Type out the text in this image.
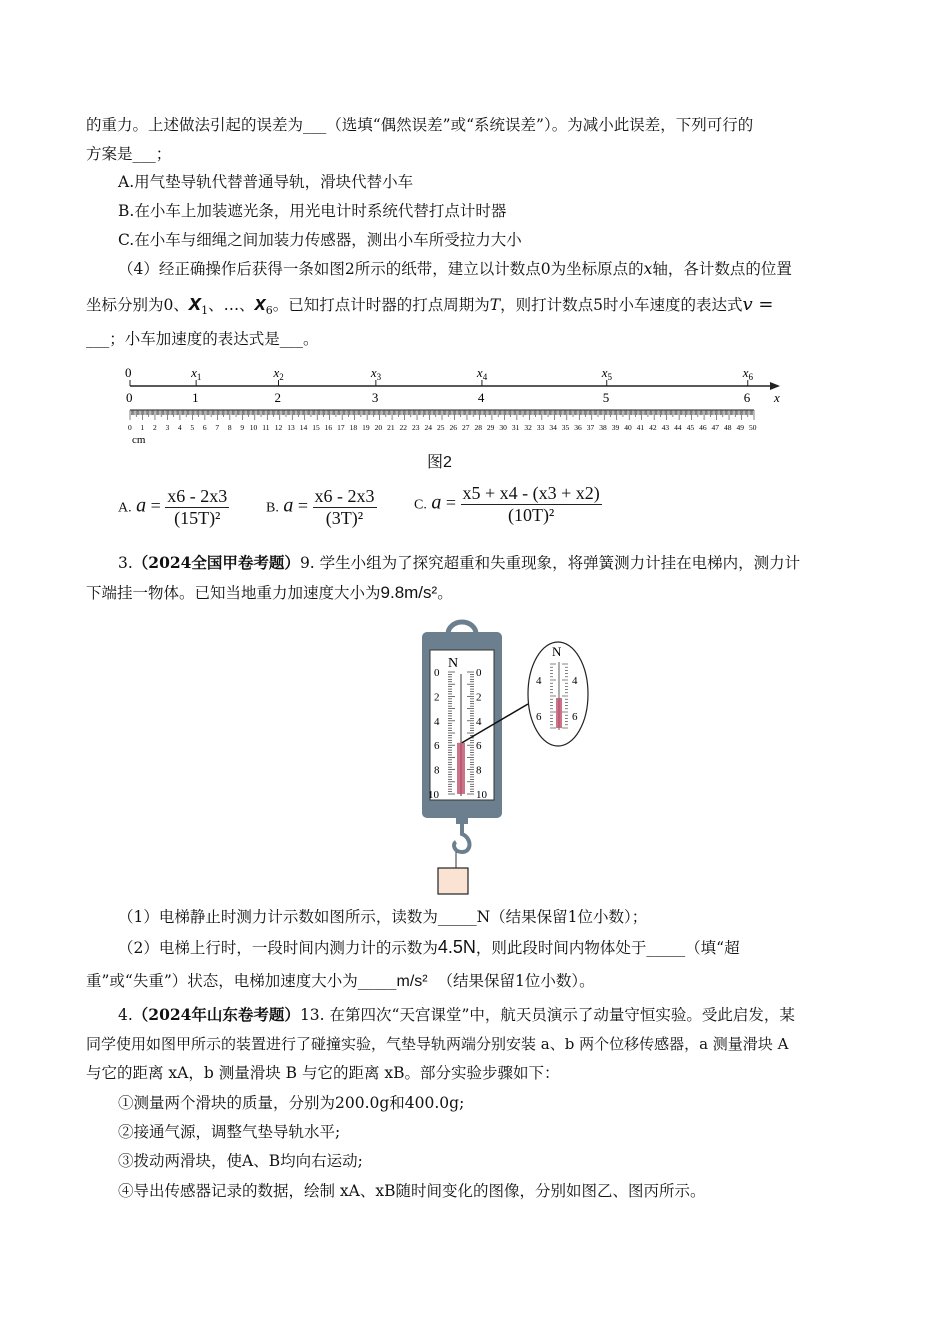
的重力。上述做法引起的误差为___（选填“偶然误差”或“系统误差”）。为减小此误差，下列可行的
方案是___；
A.用气垫导轨代替普通导轨，滑块代替小车
B.在小车上加装遮光条，用光电计时系统代替打点计时器
C.在小车与细绳之间加装力传感器，测出小车所受拉力大小
（4）经正确操作后获得一条如图2所示的纸带，建立以计数点0为坐标原点的x轴，各计数点的位置
坐标分别为0、$x_1$、…、$x_6$。已知打点计时器的打点周期为T，则打计数点5时小车速度的表达式v =
___；小车加速度的表达式是___。
x
0
0
$x_1$
1
$x_2$
2
$x_3$
3
$x_4$
4
$x_5$
5
$x_6$
6
0 1 2 3 4 5 6 7 8 9 10 11 12 13 14 15 16 17 18 19 20 21 22 23 24 25 26 27 28 29 30 31 32 33 34 35 36 37 38 39 40 41 42 43 44 45 46 47 48 49 50
cm
图2
A. $a = \frac{x6 - 2x3}{\text{(15T)²}}$	B. $a = \frac{x6 - 2x3}{\text{(3T)²}}$	C. $a = \frac{x5 + x4 - (x3 + x2)}{\text{(10T)²}}$
3.（2024全国甲卷考题）9. 学生小组为了探究超重和失重现象，将弹簧测力计挂在电梯内，测力计
下端挂一物体。已知当地重力加速度大小为9.8m/s²。
N
0	0
2	2
4	4
6	6
8	8
10	10
N
4	4
6	6
（1）电梯静止时测力计示数如图所示，读数为_____N（结果保留1位小数）；
（2）电梯上行时，一段时间内测力计的示数为4.5N，则此段时间内物体处于_____（填“超
重”或“失重”）状态，电梯加速度大小为_____m/s² （结果保留1位小数）。
4.（2024年山东卷考题）13. 在第四次“天宫课堂”中，航天员演示了动量守恒实验。受此启发，某
同学使用如图甲所示的装置进行了碰撞实验，气垫导轨两端分别安装 a、b 两个位移传感器，a 测量滑块 A
与它的距离 xA，b 测量滑块 B 与它的距离 xB。部分实验步骤如下：
①测量两个滑块的质量，分别为200.0g和400.0g;
②接通气源，调整气垫导轨水平;
③拨动两滑块，使A、B均向右运动;
④导出传感器记录的数据，绘制 xA、xB随时间变化的图像，分别如图乙、图丙所示。
